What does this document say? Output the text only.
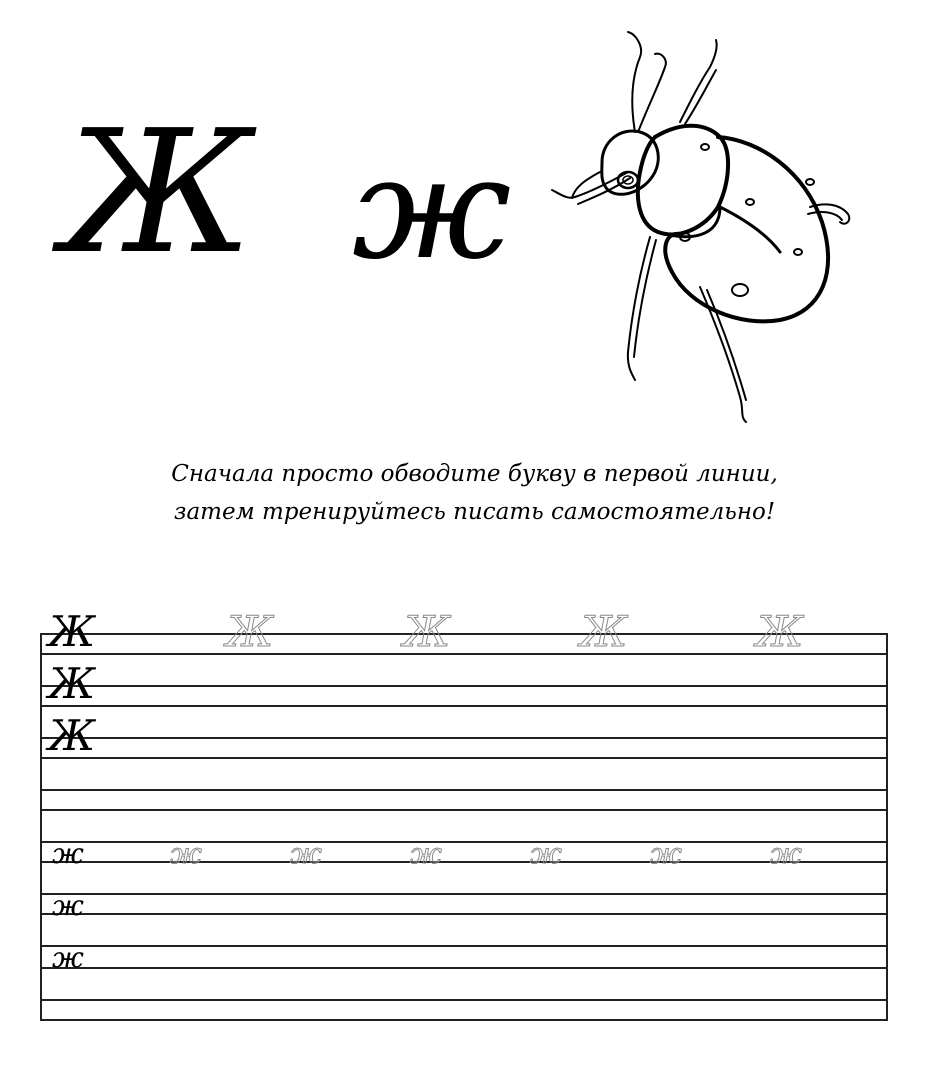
Ж ж
Сначала просто обводите букву в первой линии,
затем тренируйтесь писать самостоятельно!
Ж	Ж	Ж	Ж	Ж
Ж
Ж
ж	ж	ж	ж	ж	ж	ж
ж
ж
